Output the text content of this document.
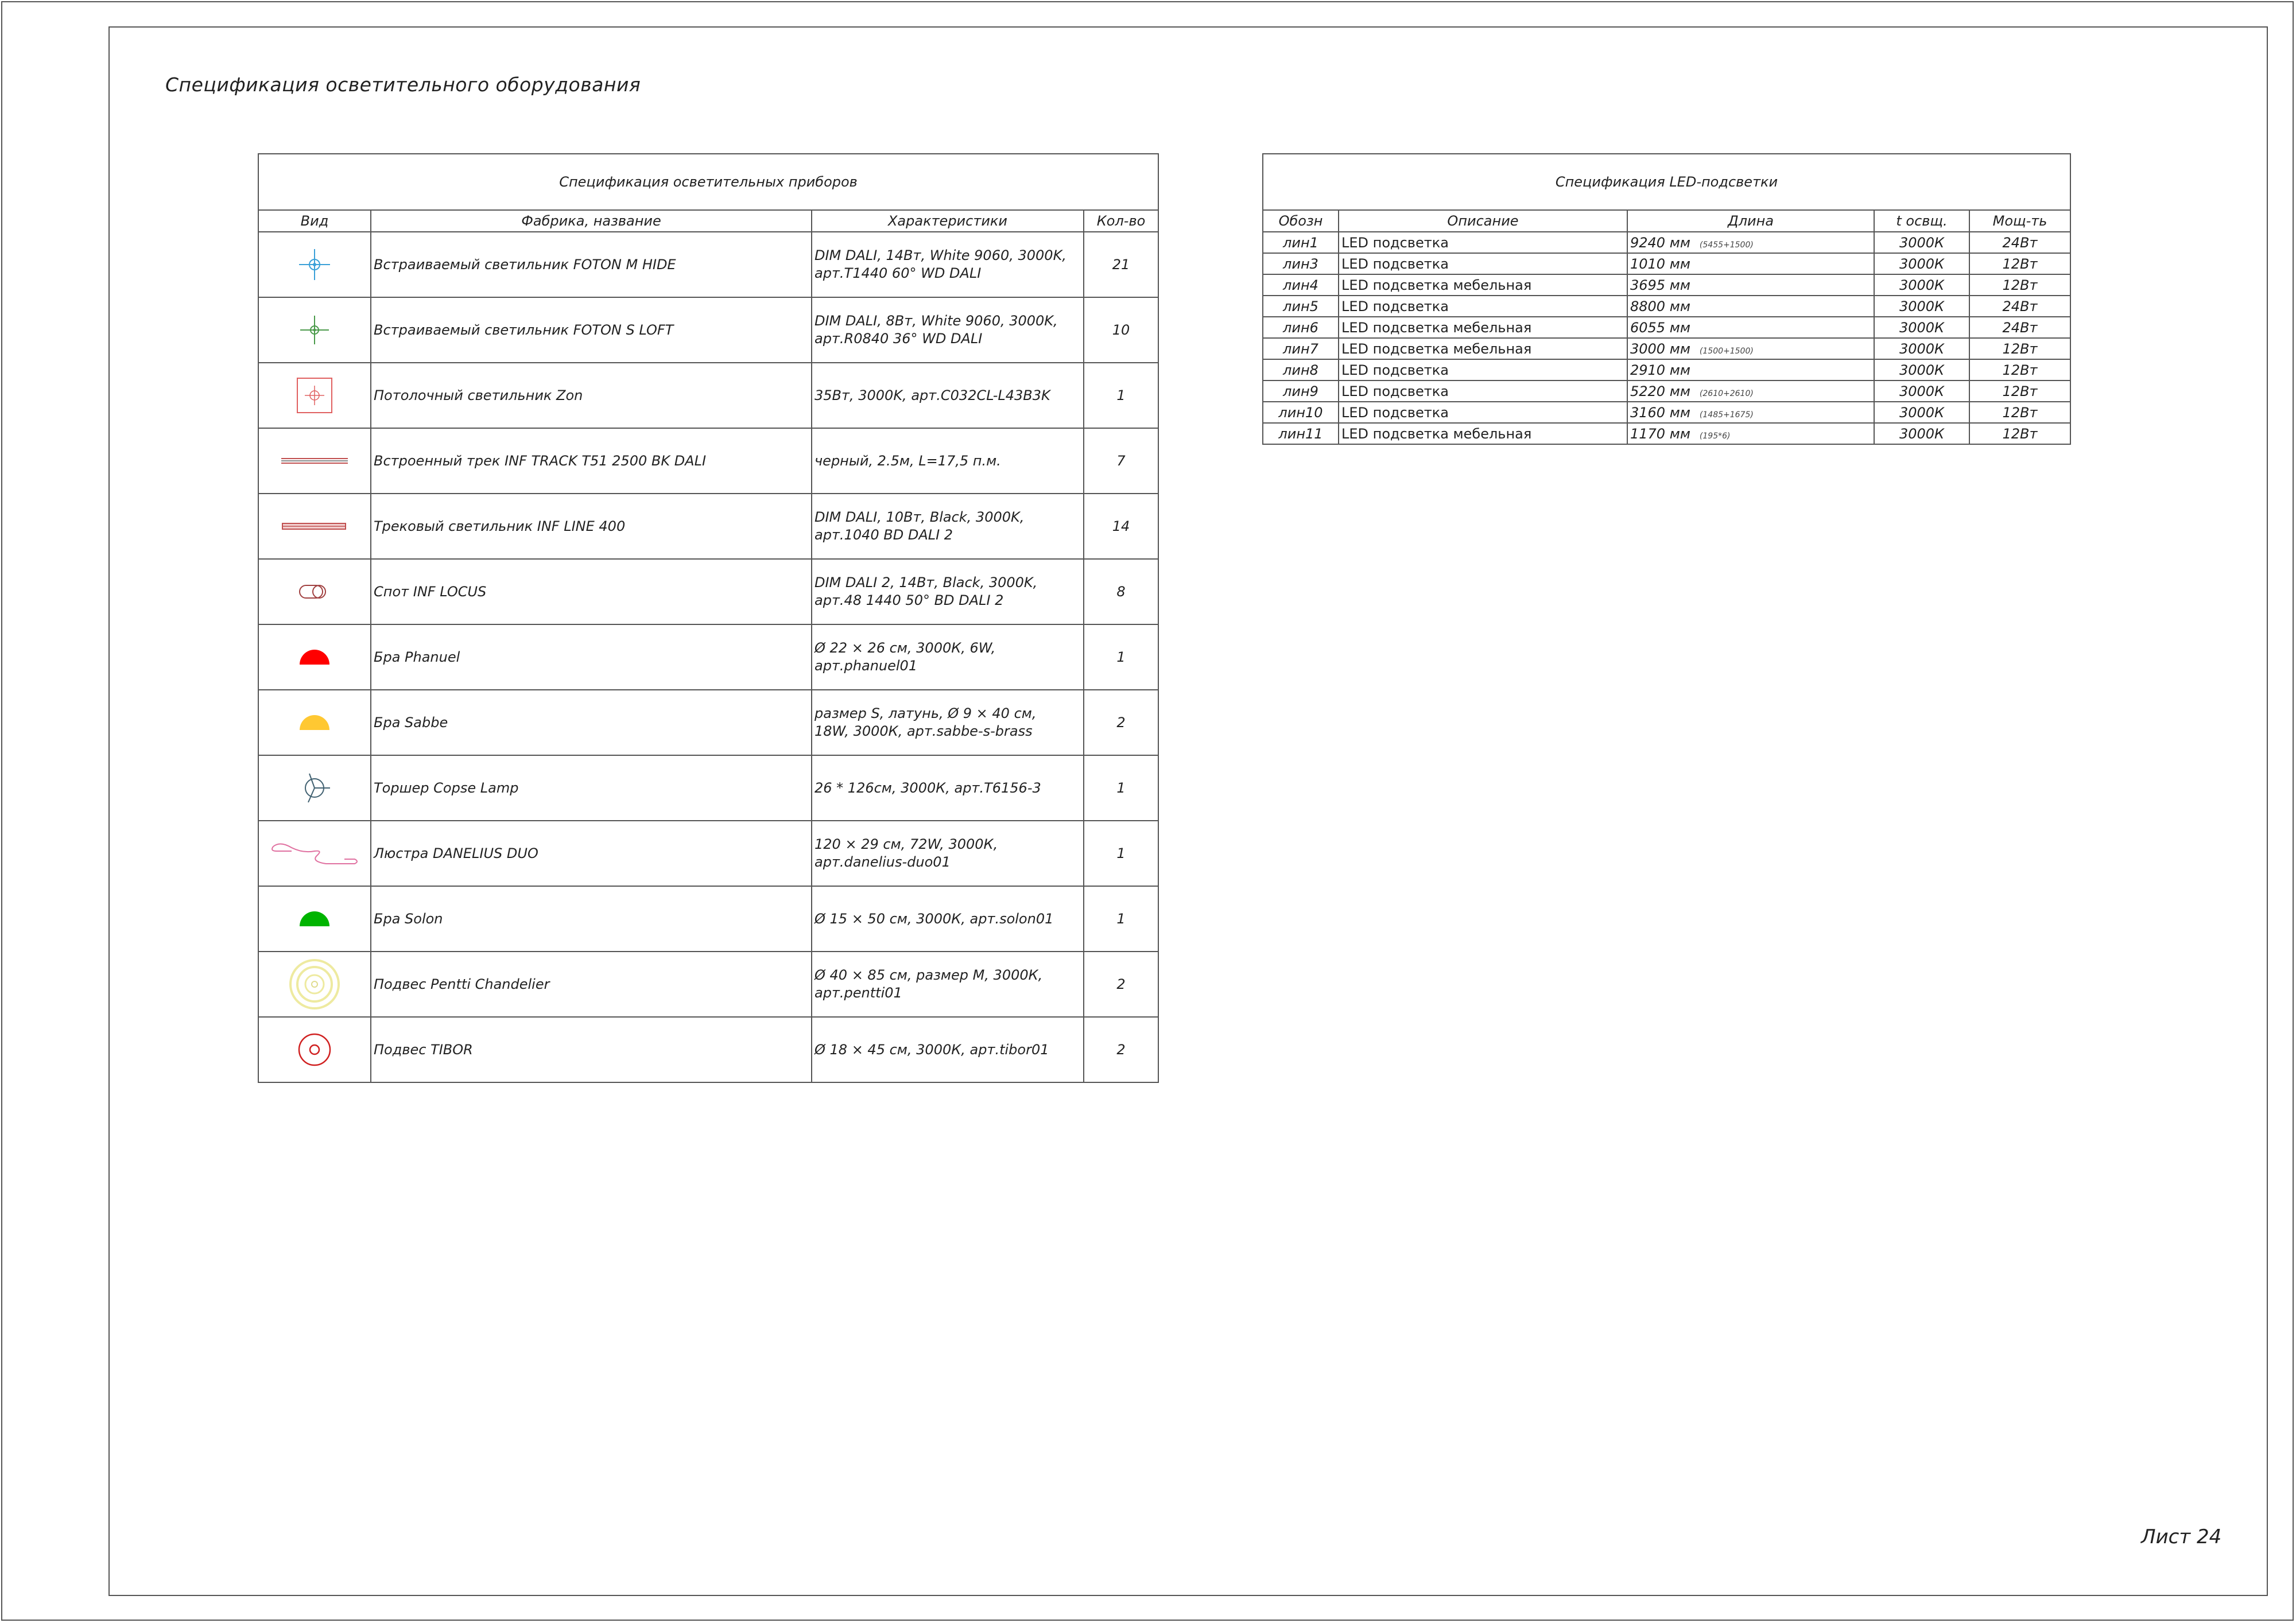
Спецификация осветительного оборудования
Спецификация осветительных приборов			
Вид	Фабрика, название	Характеристики	Кол-во

	Встраиваемый светильник FOTON M HIDE	DIM DALI, 14Вт, White 9060, 3000K,
арт.T1440 60° WD DALI	21

	Встраиваемый светильник FOTON S LOFT	DIM DALI, 8Вт, White 9060, 3000K,
арт.R0840 36° WD DALI	10

	Потолочный светильник Zon	35Вт, 3000K, арт.C032CL-L43B3K	1

	Встроенный трек INF TRACK T51 2500 BK DALI	черный, 2.5м, L=17,5 п.м.	7

	Трековый светильник INF LINE 400	DIM DALI, 10Вт, Black, 3000K,
арт.1040 BD DALI 2	14

	Спот INF LOCUS	DIM DALI 2, 14Вт, Black, 3000K,
арт.48 1440 50° BD DALI 2	8

	Бра Phanuel	Ø 22 × 26 см, 3000К, 6W,
арт.phanuel01	1

	Бра Sabbe	размер S, латунь, Ø 9 × 40 см,
18W, 3000К, арт.sabbe-s-brass	2

	Торшер Copse Lamp	26 * 126см, 3000К, арт.T6156-3	1

	Люстра DANELIUS DUO	120 × 29 см, 72W, 3000К,
арт.danelius-duo01	1

	Бра Solon	Ø 15 × 50 см, 3000К, арт.solon01	1

	Подвес Pentti Chandelier	Ø 40 × 85 см, размер M, 3000К,
арт.pentti01	2

	Подвес TIBOR	Ø 18 × 45 см, 3000К, арт.tibor01	2
Спецификация LED-подсветки				
Обозн	Описание	Длина	t освщ.	Мощ-ть
лин1	LED подсветка	9240 мм (5455+1500)	3000К	24Вт
лин3	LED подсветка	1010 мм	3000К	12Вт
лин4	LED подсветка мебельная	3695 мм	3000К	12Вт
лин5	LED подсветка	8800 мм	3000К	24Вт
лин6	LED подсветка мебельная	6055 мм	3000К	24Вт
лин7	LED подсветка мебельная	3000 мм (1500+1500)	3000К	12Вт
лин8	LED подсветка	2910 мм	3000К	12Вт
лин9	LED подсветка	5220 мм (2610+2610)	3000К	12Вт
лин10	LED подсветка	3160 мм (1485+1675)	3000К	12Вт
лин11	LED подсветка мебельная	1170 мм (195*6)	3000К	12Вт
Лист 24
